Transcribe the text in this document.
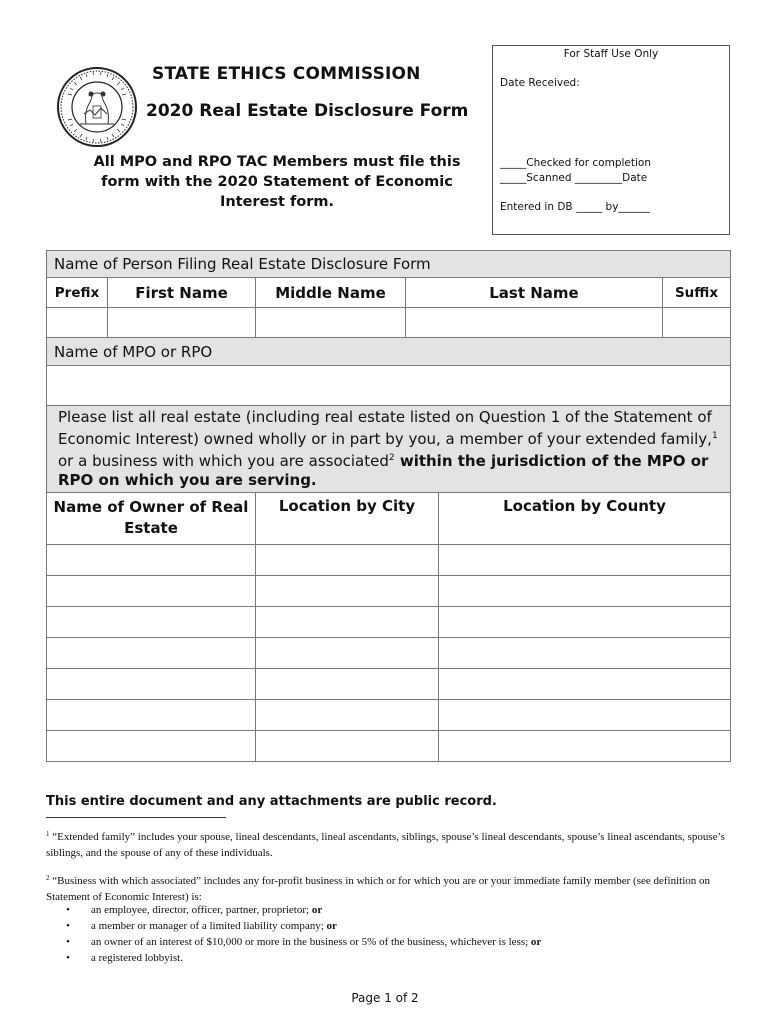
STATE ETHICS COMMISSION
2020 Real Estate Disclosure Form
All MPO and RPO TAC Members must file this form with the 2020 Statement of Economic Interest form.
For Staff Use Only
Date Received:
_____Checked for completion
_____Scanned _________Date
Entered in DB _____ by______
Name of Person Filing Real Estate Disclosure Form					
Prefix	First Name	Middle Name	Last Name		Suffix

Name of MPO or RPO					

Please list all real estate (including real estate listed on Question 1 of the Statement of Economic Interest) owned wholly or in part by you, a member of your extended family,$^1$ or a business with which you are associated$^2$ within the jurisdiction of the MPO or RPO on which you are serving.					
Name of Owner of Real Estate		Location by City		Location by County	

This entire document and any attachments are public record.
$^1$ “Extended family” includes your spouse, lineal descendants, lineal ascendants, siblings, spouse’s lineal descendants, spouse’s lineal ascendants, spouse’s siblings, and the spouse of any of these individuals.
$^2$ “Business with which associated” includes any for-profit business in which or for which you are or your immediate family member (see definition on Statement of Economic Interest) is:
• an employee, director, officer, partner, proprietor; or
• a member or manager of a limited liability company; or
• an owner of an interest of $10,000 or more in the business or 5% of the business, whichever is less; or
• a registered lobbyist.
Page 1 of 2
